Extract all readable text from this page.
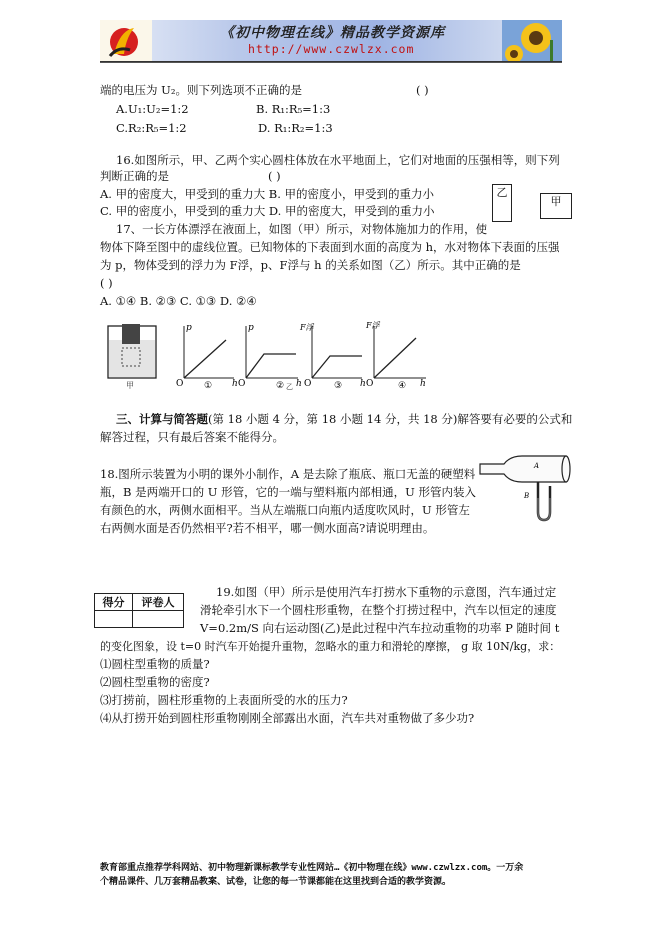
《初中物理在线》精品教学资源库
http://www.czwlzx.com
端的电压为 U₂。则下列选项不正确的是	( )
A.U₁:U₂=1:2	B. R₁:R₅=1:3
C.R₂:R₅=1:2	D. R₁:R₂=1:3
16.如图所示，甲、乙两个实心圆柱体放在水平地面上，它们对地面的压强相等，则下列
判断正确的是	( )
A. 甲的密度大，甲受到的重力大 B. 甲的密度小，甲受到的重力小
C. 甲的密度小，甲受到的重力大 D. 甲的密度大，甲受到的重力小
乙
甲
17、一长方体漂浮在液面上，如图（甲）所示，对物体施加力的作用，使
物体下降至图中的虚线位置。已知物体的下表面到水面的高度为 h，水对物体下表面的压强
为 p，物体受到的浮力为 F浮，p、F浮与 h 的关系如图（乙）所示。其中正确的是
( )
A. ①④ B. ②③ C. ①③ D. ②④
甲
p
O	h
①
p
O	h
② 乙
F浮
O	h
③
F浮
O	h
④
三、计算与简答题(第 18 小题 4 分，第 18 小题 14 分，共 18 分)解答要有必要的公式和
解答过程，只有最后答案不能得分。
18.图所示装置为小明的课外小制作，A 是去除了瓶底、瓶口无盖的硬塑料
瓶，B 是两端开口的 U 形管，它的一端与塑料瓶内部相通，U 形管内装入
有颜色的水，两侧水面相平。当从左端瓶口向瓶内适度吹风时，U 形管左
右两侧水面是否仍然相平?若不相平，哪一侧水面高?请说明理由。
A
B
得分	评卷人

19.如图（甲）所示是使用汽车打捞水下重物的示意图，汽车通过定
滑轮牵引水下一个圆柱形重物，在整个打捞过程中，汽车以恒定的速度
V=0.2m/S 向右运动图(乙)是此过程中汽车拉动重物的功率 P 随时间 t
的变化图象，设 t=0 时汽车开始提升重物，忽略水的重力和滑轮的摩擦， g 取 10N/kg，求：
⑴圆柱型重物的质量?
⑵圆柱型重物的密度?
⑶打捞前，圆柱形重物的上表面所受的水的压力?
⑷从打捞开始到圆柱形重物刚刚全部露出水面，汽车共对重物做了多少功?
教育部重点推荐学科网站、初中物理新课标教学专业性网站…《初中物理在线》www.czwlzx.com。一万余
个精品课件、几万套精品教案、试卷，让您的每一节课都能在这里找到合适的教学资源。
